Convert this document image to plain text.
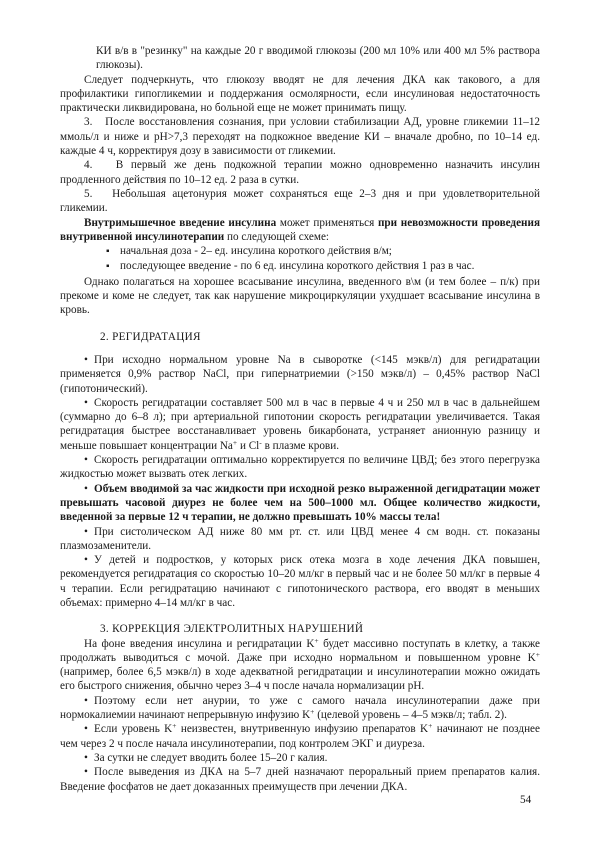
КИ в/в в "резинку" на каждые 20 г вводимой глюкозы (200 мл 10% или 400 мл 5% раствора глюкозы).

Следует подчеркнуть, что глюкозу вводят не для лечения ДКА как такового, а для профилактики гипогликемии и поддержания осмолярности, если инсулиновая недостаточность практически ликвидирована, но больной еще не может принимать пищу.

3. После восстановления сознания, при условии стабилизации АД, уровне гликемии 11–12 ммоль/л и ниже и pH>7,3 переходят на подкожное введение КИ – вначале дробно, по 10–14 ед. каждые 4 ч, корректируя дозу в зависимости от гликемии.

4. В первый же день подкожной терапии можно одновременно назначить инсулин продленного действия по 10–12 ед. 2 раза в сутки.

5. Небольшая ацетонурия может сохраняться еще 2–3 дня и при удовлетворительной гликемии.

Внутримышечное введение инсулина может применяться при невозможности проведения внутривенной инсулинотерапии по следующей схеме:

▪ начальная доза - 2– ед. инсулина короткого действия в/м;

▪ последующее введение - по 6 ед. инсулина короткого действия 1 раз в час.

Однако полагаться на хорошее всасывание инсулина, введенного в\м (и тем более – п/к) при прекоме и коме не следует, так как нарушение микроциркуляции ухудшает всасывание инсулина в кровь.

2. РЕГИДРАТАЦИЯ

• При исходно нормальном уровне Na в сыворотке (<145 мэкв/л) для регидратации применяется 0,9% раствор NaCl, при гипернатриемии (>150 мэкв/л) – 0,45% раствор NaCl (гипотонический).

• Скорость регидратации составляет 500 мл в час в первые 4 ч и 250 мл в час в дальнейшем (суммарно до 6–8 л); при артериальной гипотонии скорость регидратации увеличивается. Такая регидратация быстрее восстанавливает уровень бикарбоната, устраняет анионную разницу и меньше повышает концентрации Na+ и Cl- в плазме крови.

• Скорость регидратации оптимально корректируется по величине ЦВД; без этого перегрузка жидкостью может вызвать отек легких.

• Объем вводимой за час жидкости при исходной резко выраженной дегидратации может превышать часовой диурез не более чем на 500–1000 мл. Общее количество жидкости, введенной за первые 12 ч терапии, не должно превышать 10% массы тела!

• При систолическом АД ниже 80 мм рт. ст. или ЦВД менее 4 см водн. ст. показаны плазмозаменители.

• У детей и подростков, у которых риск отека мозга в ходе лечения ДКА повышен, рекомендуется регидратация со скоростью 10–20 мл/кг в первый час и не более 50 мл/кг в первые 4 ч терапии. Если регидратацию начинают с гипотонического раствора, его вводят в меньших объемах: примерно 4–14 мл/кг в час.

3. КОРРЕКЦИЯ ЭЛЕКТРОЛИТНЫХ НАРУШЕНИЙ

На фоне введения инсулина и регидратации K+ будет массивно поступать в клетку, а также продолжать выводиться с мочой. Даже при исходно нормальном и повышенном уровне K+ (например, более 6,5 мэкв/л) в ходе адекватной регидратации и инсулинотерапии можно ожидать его быстрого снижения, обычно через 3–4 ч после начала нормализации pH.

• Поэтому если нет анурии, то уже с самого начала инсулинотерапии даже при нормокалиемии начинают непрерывную инфузию K+ (целевой уровень – 4–5 мэкв/л; табл. 2).

• Если уровень K+ неизвестен, внутривенную инфузию препаратов K+ начинают не позднее чем через 2 ч после начала инсулинотерапии, под контролем ЭКГ и диуреза.

• За сутки не следует вводить более 15–20 г калия.

• После выведения из ДКА на 5–7 дней назначают пероральный прием препаратов калия. Введение фосфатов не дает доказанных преимуществ при лечении ДКА.

54
